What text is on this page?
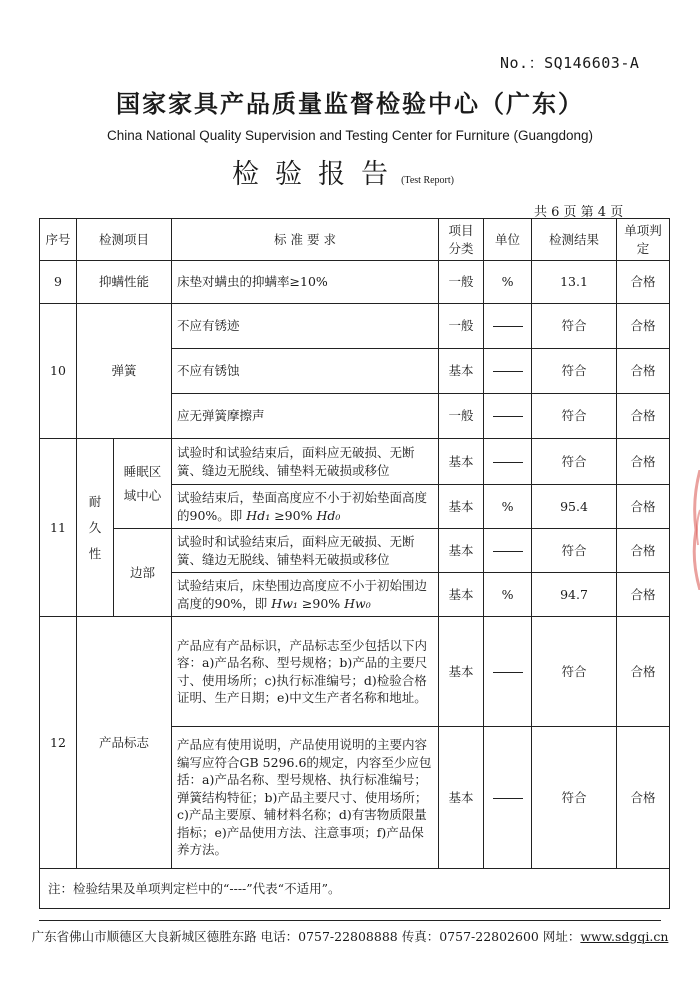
No.：SQ146603-A
国家家具产品质量监督检验中心（广东）
China National Quality Supervision and Testing Center for Furniture (Guangdong)
检验报告 (Test Report)
共 6 页 第 4 页
序号	检测项目		标 准 要 求	项目分类	单位	检测结果	单项判定
9	抑螨性能		床垫对螨虫的抑螨率≥10%	一般	%	13.1	合格
10	弹簧		不应有锈迹	一般		符合	合格
			不应有锈蚀	基本		符合	合格
			应无弹簧摩擦声	一般		符合	合格
11	耐久性	睡眠区域中心	试验时和试验结束后，面料应无破损、无断簧、缝边无脱线、铺垫料无破损或移位	基本		符合	合格
			试验结束后，垫面高度应不小于初始垫面高度的90%。即 Hd₁ ≥90% Hd₀	基本	%	95.4	合格
		边部	试验时和试验结束后，面料应无破损、无断簧、缝边无脱线、铺垫料无破损或移位	基本		符合	合格
			试验结束后，床垫围边高度应不小于初始围边高度的90%，即 Hw₁ ≥90% Hw₀	基本	%	94.7	合格
12	产品标志		产品应有产品标识，产品标志至少包括以下内容：a)产品名称、型号规格；b)产品的主要尺寸、使用场所；c)执行标准编号；d)检验合格证明、生产日期；e)中文生产者名称和地址。	基本		符合	合格
			产品应有使用说明，产品使用说明的主要内容编写应符合GB 5296.6的规定，内容至少应包括：a)产品名称、型号规格、执行标准编号；弹簧结构特征；b)产品主要尺寸、使用场所；c)产品主要原、辅材料名称；d)有害物质限量指标；e)产品使用方法、注意事项；f)产品保养方法。	基本		符合	合格
注：检验结果及单项判定栏中的“----”代表“不适用”。							
广东省佛山市顺德区大良新城区德胜东路 电话：0757-22808888 传真：0757-22802600 网址：www.sdgqi.cn
